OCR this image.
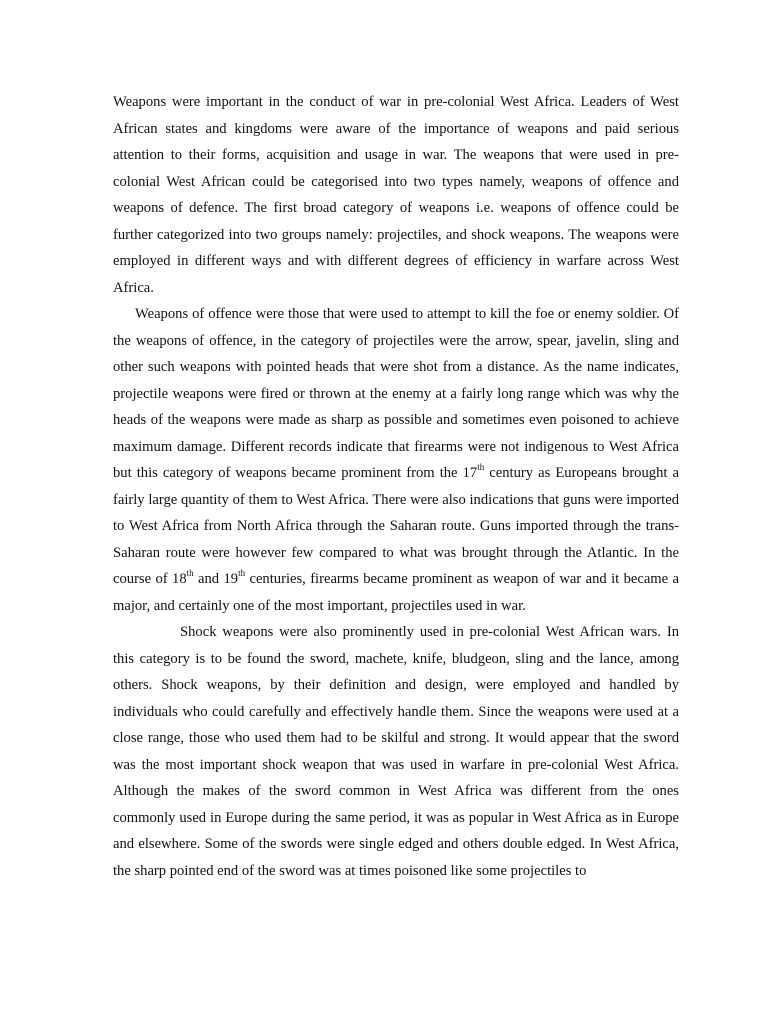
Weapons were important in the conduct of war in pre-colonial West Africa. Leaders of West African states and kingdoms were aware of the importance of weapons and paid serious attention to their forms, acquisition and usage in war. The weapons that were used in pre-colonial West African could be categorised into two types namely, weapons of offence and weapons of defence. The first broad category of weapons i.e. weapons of offence could be further categorized into two groups namely: projectiles, and shock weapons. The weapons were employed in different ways and with different degrees of efficiency in warfare across West Africa.

Weapons of offence were those that were used to attempt to kill the foe or enemy soldier. Of the weapons of offence, in the category of projectiles were the arrow, spear, javelin, sling and other such weapons with pointed heads that were shot from a distance. As the name indicates, projectile weapons were fired or thrown at the enemy at a fairly long range which was why the heads of the weapons were made as sharp as possible and sometimes even poisoned to achieve maximum damage. Different records indicate that firearms were not indigenous to West Africa but this category of weapons became prominent from the 17th century as Europeans brought a fairly large quantity of them to West Africa. There were also indications that guns were imported to West Africa from North Africa through the Saharan route. Guns imported through the trans-Saharan route were however few compared to what was brought through the Atlantic. In the course of 18th and 19th centuries, firearms became prominent as weapon of war and it became a major, and certainly one of the most important, projectiles used in war.

Shock weapons were also prominently used in pre-colonial West African wars. In this category is to be found the sword, machete, knife, bludgeon, sling and the lance, among others. Shock weapons, by their definition and design, were employed and handled by individuals who could carefully and effectively handle them. Since the weapons were used at a close range, those who used them had to be skilful and strong. It would appear that the sword was the most important shock weapon that was used in warfare in pre-colonial West Africa. Although the makes of the sword common in West Africa was different from the ones commonly used in Europe during the same period, it was as popular in West Africa as in Europe and elsewhere. Some of the swords were single edged and others double edged. In West Africa, the sharp pointed end of the sword was at times poisoned like some projectiles to
